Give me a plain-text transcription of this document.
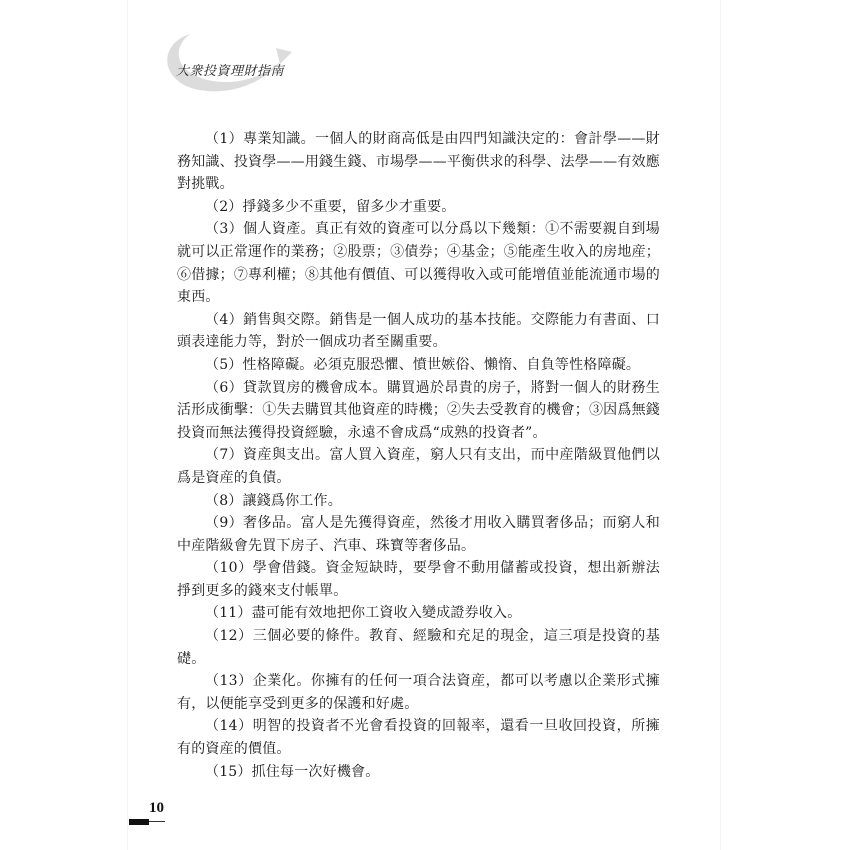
大衆投資理財指南

（1）專業知識。一個人的財商高低是由四門知識決定的：會計學——財務知識、投資學——用錢生錢、市場學——平衡供求的科學、法學——有效應對挑戰。

（2）掙錢多少不重要，留多少才重要。

（3）個人資產。真正有效的資產可以分爲以下幾類：①不需要親自到場就可以正常運作的業務；②股票；③債券；④基金；⑤能產生收入的房地産；⑥借據；⑦專利權；⑧其他有價值、可以獲得收入或可能增值並能流通市場的東西。

（4）銷售與交際。銷售是一個人成功的基本技能。交際能力有書面、口頭表達能力等，對於一個成功者至關重要。

（5）性格障礙。必須克服恐懼、憤世嫉俗、懶惰、自負等性格障礙。

（6）貸款買房的機會成本。購買過於昂貴的房子，將對一個人的財務生活形成衝擊：①失去購買其他資産的時機；②失去受教育的機會；③因爲無錢投資而無法獲得投資經驗，永遠不會成爲“成熟的投資者”。

（7）資産與支出。富人買入資産，窮人只有支出，而中産階級買他們以爲是資産的負債。

（8）讓錢爲你工作。

（9）奢侈品。富人是先獲得資産，然後才用收入購買奢侈品；而窮人和中産階級會先買下房子、汽車、珠寶等奢侈品。

（10）學會借錢。資金短缺時，要學會不動用儲蓄或投資，想出新辦法掙到更多的錢來支付帳單。

（11）盡可能有效地把你工資收入變成證券收入。

（12）三個必要的條件。教育、經驗和充足的現金，這三項是投資的基礎。

（13）企業化。你擁有的任何一項合法資産，都可以考慮以企業形式擁有，以便能享受到更多的保護和好處。

（14）明智的投資者不光會看投資的回報率，還看一旦收回投資，所擁有的資産的價值。

（15）抓住每一次好機會。

10
